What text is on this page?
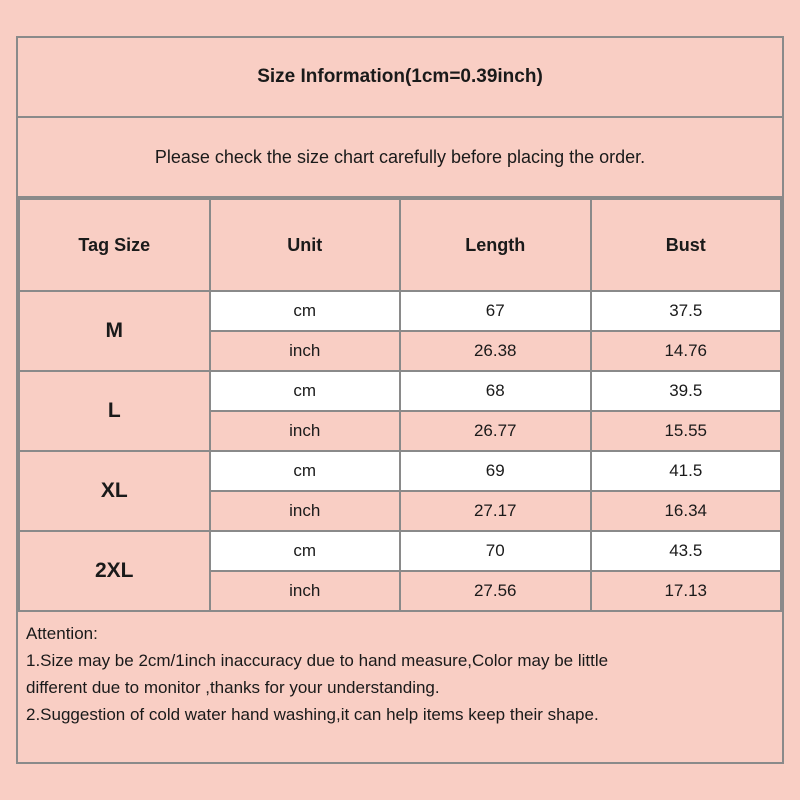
Size Information(1cm=0.39inch)
Please check the size chart carefully before placing the order.
Tag Size	Unit	Length	Bust
M	cm	67	37.5
	inch	26.38	14.76
L	cm	68	39.5
	inch	26.77	15.55
XL	cm	69	41.5
	inch	27.17	16.34
2XL	cm	70	43.5
	inch	27.56	17.13
Attention:
1.Size may be 2cm/1inch inaccuracy due to hand measure,Color may be little
different due to monitor ,thanks for your understanding.
2.Suggestion of cold water hand washing,it can help items keep their shape.
